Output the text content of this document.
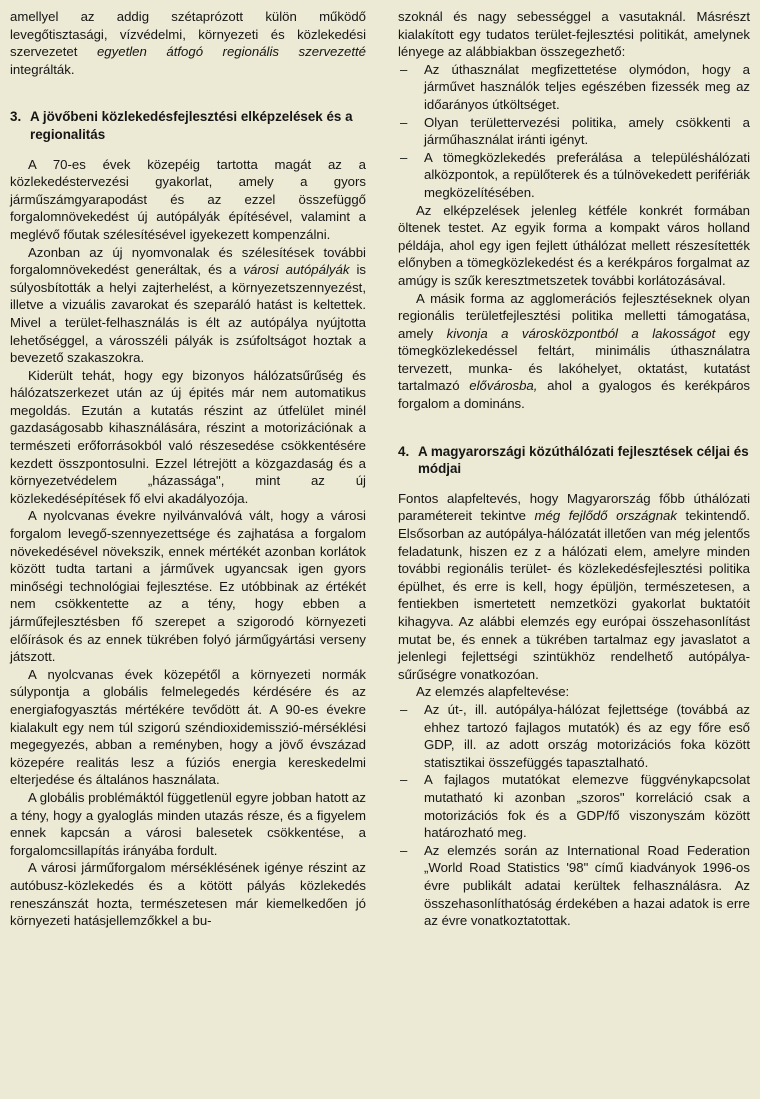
amellyel az addig szétaprózott külön működő levegőtisztasági, vízvédelmi, környezeti és közlekedési szervezetet egyetlen átfogó regionális szervezetté integrálták.

3. A jövőbeni közlekedésfejlesztési elképzelések és a regionalitás

A 70-es évek közepéig tartotta magát az a közlekedéstervezési gyakorlat, amely a gyors járműszámgyarapodást és az ezzel összefüggő forgalomnövekedést új autópályák építésével, valamint a meglévő főutak szélesítésével igyekezett kompenzálni.

Azonban az új nyomvonalak és szélesítések további forgalomnövekedést generáltak, és a városi autópályák is súlyosbították a helyi zajterhelést, a környezetszennyezést, illetve a vizuális zavarokat és szeparáló hatást is keltettek. Mivel a terület-felhasználás is élt az autópálya nyújtotta lehetőséggel, a városszéli pályák is zsúfoltságot hoztak a bevezető szakaszokra.

Kiderült tehát, hogy egy bizonyos hálózatsűrűség és hálózatszerkezet után az új épités már nem automatikus megoldás. Ezután a kutatás részint az útfelület minél gazdaságosabb kihasználására, részint a motorizációnak a természeti erőforrásokból való részesedése csökkentésére kezdett összpontosulni. Ezzel létrejött a közgazdaság és a környezetvédelem „házassága", mint az új közlekedésépítések fő elvi akadályozója.

A nyolcvanas évekre nyilvánvalóvá vált, hogy a városi forgalom levegő-szennyezettsége és zajhatása a forgalom növekedésével növekszik, ennek mértékét azonban korlátok között tudta tartani a járművek ugyancsak igen gyors minőségi technológiai fejlesztése. Ez utóbbinak az értékét nem csökkentette az a tény, hogy ebben a járműfejlesztésben fő szerepet a szigorodó környezeti előírások és az ennek tükrében folyó járműgyártási verseny játszott.

A nyolcvanas évek közepétől a környezeti normák súlypontja a globális felmelegedés kérdésére és az energiafogyasztás mértékére tevődött át. A 90-es évekre kialakult egy nem túl szigorú széndioxidemisszió-mérséklési megegyezés, abban a reményben, hogy a jövő évszázad közepére realitás lesz a fúziós energia kereskedelmi elterjedése és általános használata.

A globális problémáktól függetlenül egyre jobban hatott az a tény, hogy a gyaloglás minden utazás része, és a figyelem ennek kapcsán a városi balesetek csökkentése, a forgalomcsillapítás irányába fordult.

A városi járműforgalom mérséklésének igénye részint az autóbusz-közlekedés és a kötött pályás közlekedés reneszánszát hozta, természetesen már kiemelkedően jó környezeti hatásjellemzőkkel a bu-

szoknál és nagy sebességgel a vasutaknál. Másrészt kialakított egy tudatos terület-fejlesztési politikát, amelynek lényege az alábbiakban összegezhető:

– Az úthasználat megfizettetése olymódon, hogy a járművet használók teljes egészében fizessék meg az időarányos útköltséget.
– Olyan területtervezési politika, amely csökkenti a járműhasználat iránti igényt.
– A tömegközlekedés preferálása a településhálózati alközpontok, a repülőterek és a túlnövekedett perifériák megközelítésében.

Az elképzelések jelenleg kétféle konkrét formában öltenek testet. Az egyik forma a kompakt város holland példája, ahol egy igen fejlett úthálózat mellett részesítették előnyben a tömegközlekedést és a kerékpáros forgalmat az amúgy is szűk keresztmetszetek további korlátozásával.

A másik forma az agglomerációs fejlesztéseknek olyan regionális területfejlesztési politika melletti támogatása, amely kivonja a városközpontból a lakosságot egy tömegközlekedéssel feltárt, minimális úthasználatra tervezett, munka- és lakóhelyet, oktatást, kutatást tartalmazó elővárosba, ahol a gyalogos és kerékpáros forgalom a domináns.

4. A magyarországi közúthálózati fejlesztések céljai és módjai

Fontos alapfeltevés, hogy Magyarország főbb úthálózati paramétereit tekintve még fejlődő országnak tekintendő. Elsősorban az autópálya-hálózatát illetően van még jelentős feladatunk, hiszen ez z a hálózati elem, amelyre minden további regionális terület- és közlekedésfejlesztési politika épülhet, és erre is kell, hogy épüljön, természetesen, a fentiekben ismertetett nemzetközi gyakorlat buktatóit kihagyva. Az alábbi elemzés egy európai összehasonlítást mutat be, és ennek a tükrében tartalmaz egy javaslatot a jelenlegi fejlettségi szintükhöz rendelhető autópálya-sűrűségre vonatkozóan.

Az elemzés alapfeltevése:

– Az út-, ill. autópálya-hálózat fejlettsége (továbbá az ehhez tartozó fajlagos mutatók) és az egy főre eső GDP, ill. az adott ország motorizációs foka között statisztikai összefüggés tapasztalható.
– A fajlagos mutatókat elemezve függvénykapcsolat mutatható ki azonban „szoros" korreláció csak a motorizációs fok és a GDP/fő viszonyszám között határozható meg.
– Az elemzés során az International Road Federation „World Road Statistics '98" című kiadványok 1996-os évre publikált adatai kerültek felhasználásra. Az összehasonlíthatóság érdekében a hazai adatok is erre az évre vonatkoztatottak.
